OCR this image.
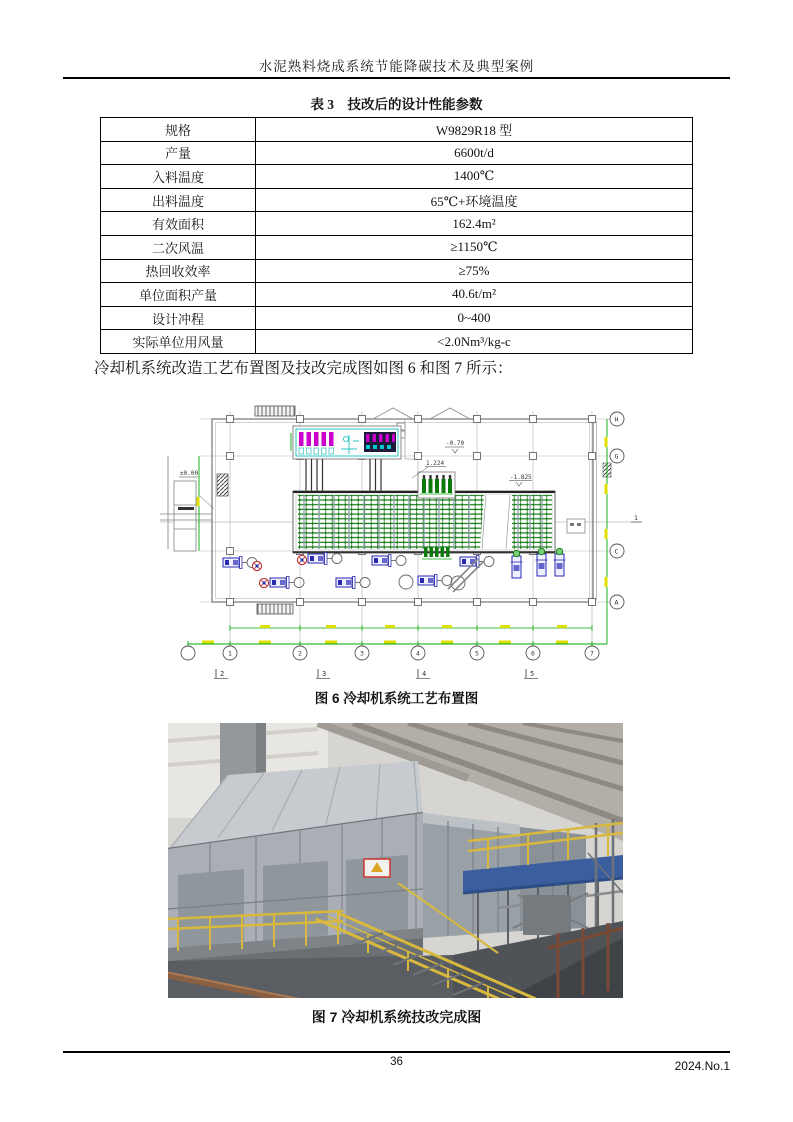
水泥熟料烧成系统节能降碳技术及典型案例
表 3　技改后的设计性能参数
规格	W9829R18 型
产量	6600t/d
入料温度	1400℃
出料温度	65℃+环境温度
有效面积	162.4m²
二次风温	≥1150℃
热回收效率	≥75%
单位面积产量	40.6t/m²
设计冲程	0~400
实际单位用风量	<2.0Nm³/kg-c
冷却机系统改造工艺布置图及技改完成图如图 6 和图 7 所示：
±0.00
-0.70
1.224
-1.825
1
H
G
C
A
1	2	3	4	5	6	7
2	3	4	5
图 6 冷却机系统工艺布置图
图 7 冷却机系统技改完成图
36	2024.No.1
